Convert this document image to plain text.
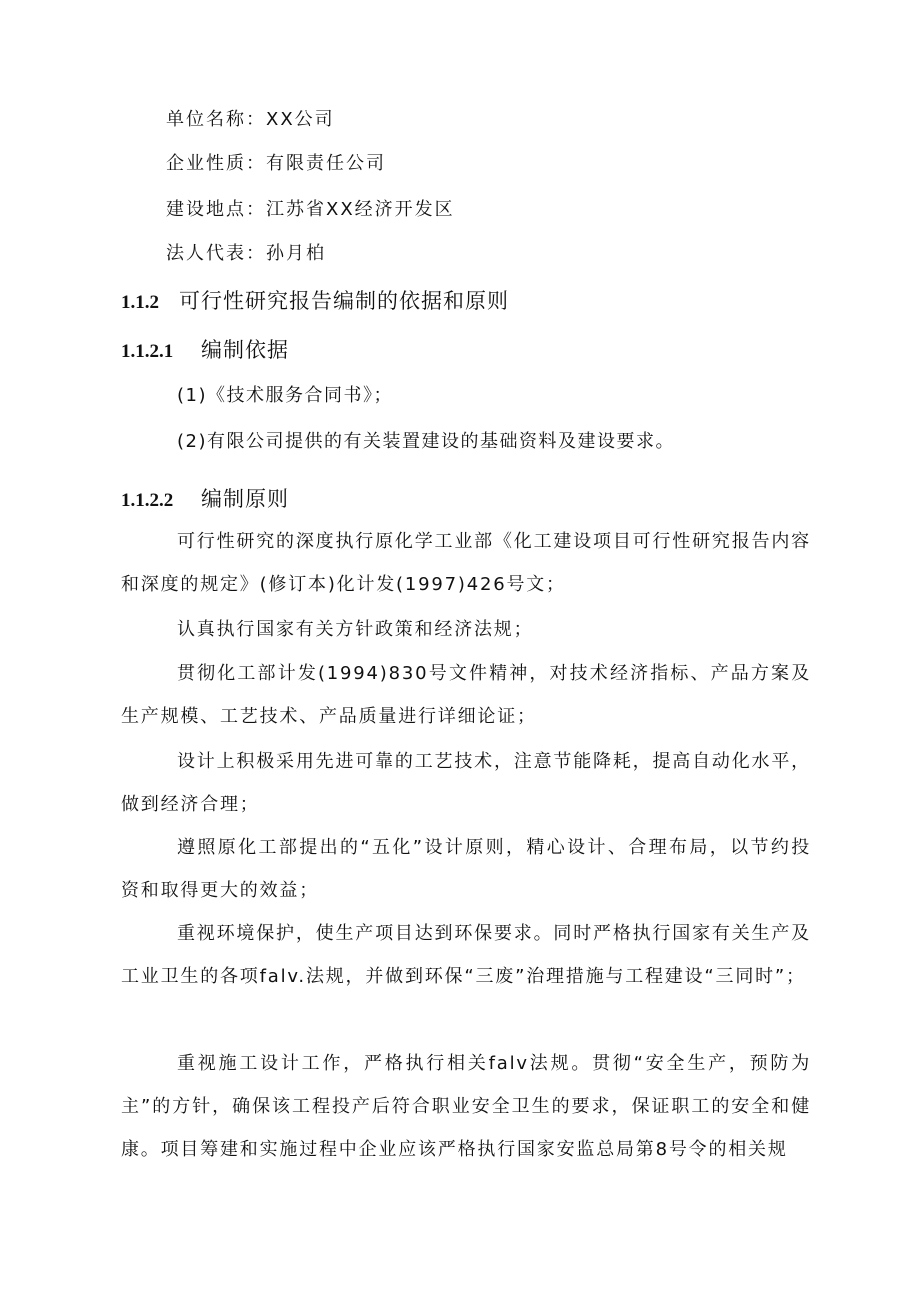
单位名称：XX公司
企业性质：有限责任公司
建设地点：江苏省XX经济开发区
法人代表：孙月柏
1.1.2 可行性研究报告编制的依据和原则
1.1.2.1 编制依据
(1)《技术服务合同书》；
(2)有限公司提供的有关装置建设的基础资料及建设要求。
1.1.2.2 编制原则
可行性研究的深度执行原化学工业部《化工建设项目可行性研究报告内容和深度的规定》(修订本)化计发(1997)426号文；
认真执行国家有关方针政策和经济法规；
贯彻化工部计发(1994)830号文件精神，对技术经济指标、产品方案及生产规模、工艺技术、产品质量进行详细论证；
设计上积极采用先进可靠的工艺技术，注意节能降耗，提高自动化水平，做到经济合理；
遵照原化工部提出的“五化”设计原则，精心设计、合理布局，以节约投资和取得更大的效益；
重视环境保护，使生产项目达到环保要求。同时严格执行国家有关生产及工业卫生的各项falv.法规，并做到环保“三废”治理措施与工程建设“三同时”；
重视施工设计工作，严格执行相关falv法规。贯彻“安全生产，预防为主”的方针，确保该工程投产后符合职业安全卫生的要求，保证职工的安全和健康。项目筹建和实施过程中企业应该严格执行国家安监总局第8号令的相关规
